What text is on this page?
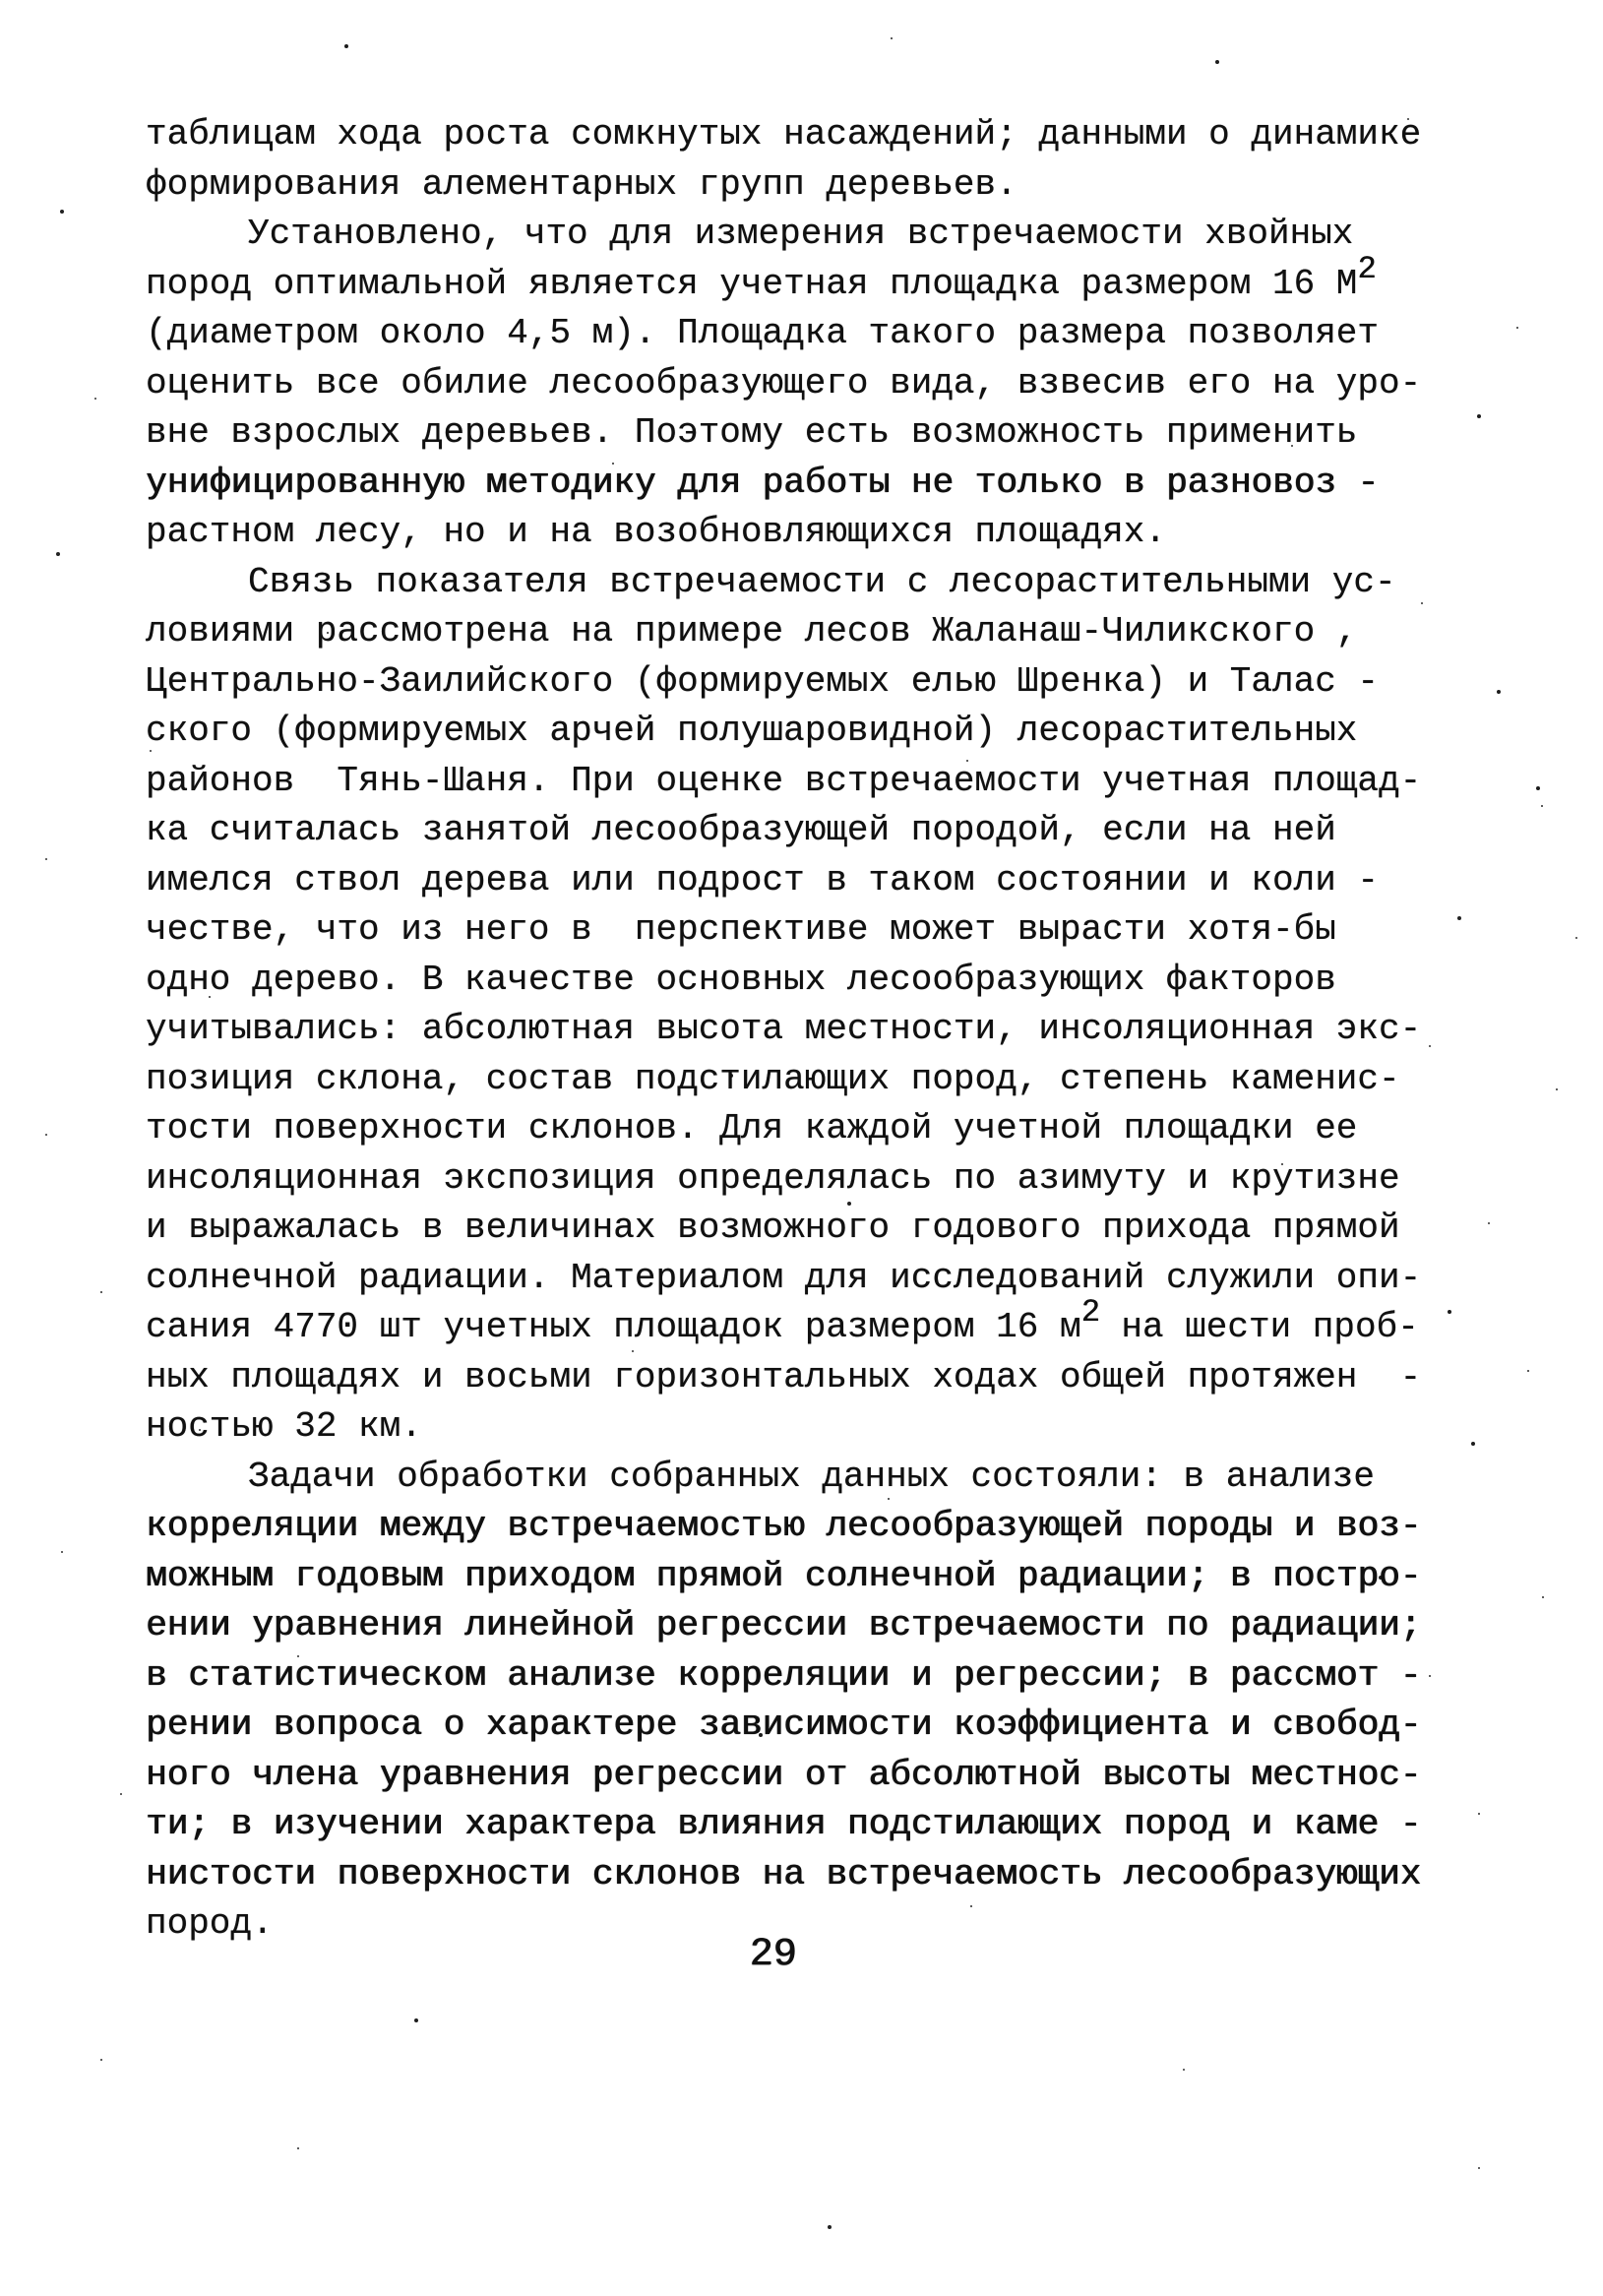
таблицам хода роста сомкнутых насаждений; данными о динамике
формирования алементарных групп деревьев.
Установлено, что для измерения встречаемости хвойных
пород оптимальной является учетная площадка размером 16 М2
(диаметром около 4,5 м). Площадка такого размера позволяет
оценить все обилие лесообразующего вида, взвесив его на уро-
вне взрослых деревьев. Поэтому есть возможность применить
унифицированную методику для работы не только в разновоз -
растном лесу, но и на возобновляющихся площадях.
Связь показателя встречаемости с лесорастительными ус-
ловиями рассмотрена на примере лесов Жаланаш-Чиликского ,
Центрально-Заилийского (формируемых елью Шренка) и Талас -
ского (формируемых арчей полушаровидной) лесорастительных
районов  Тянь-Шаня. При оценке встречаемости учетная площад-
ка считалась занятой лесообразующей породой, если на ней
имелся ствол дерева или подрост в таком состоянии и коли -
честве, что из него в  перспективе может вырасти хотя-бы
одно дерево. В качестве основных лесообразующих факторов
учитывались: абсолютная высота местности, инсоляционная экс-
позиция склона, состав подстилающих пород, степень каменис-
тости поверхности склонов. Для каждой учетной площадки ее
инсоляционная экспозиция определялась по азимуту и крутизне
и выражалась в величинах возможного годового прихода прямой
солнечной радиации. Материалом для исследований служили опи-
сания 4770 шт учетных площадок размером 16 м2 на шести проб-
ных площадях и восьми горизонтальных ходах общей протяжен  -
ностью 32 км.
Задачи обработки собранных данных состояли: в анализе
корреляции между встречаемостью лесообразующей породы и воз-
можным годовым приходом прямой солнечной радиации; в постро-
ении уравнения линейной регрессии встречаемости по радиации;
в статистическом анализе корреляции и регрессии; в рассмот -
рении вопроса о характере зависимости коэффициента и свобод-
ного члена уравнения регрессии от абсолютной высоты местнос-
ти; в изучении характера влияния подстилающих пород и каме -
нистости поверхности склонов на встречаемость лесообразующих
пород.
29
